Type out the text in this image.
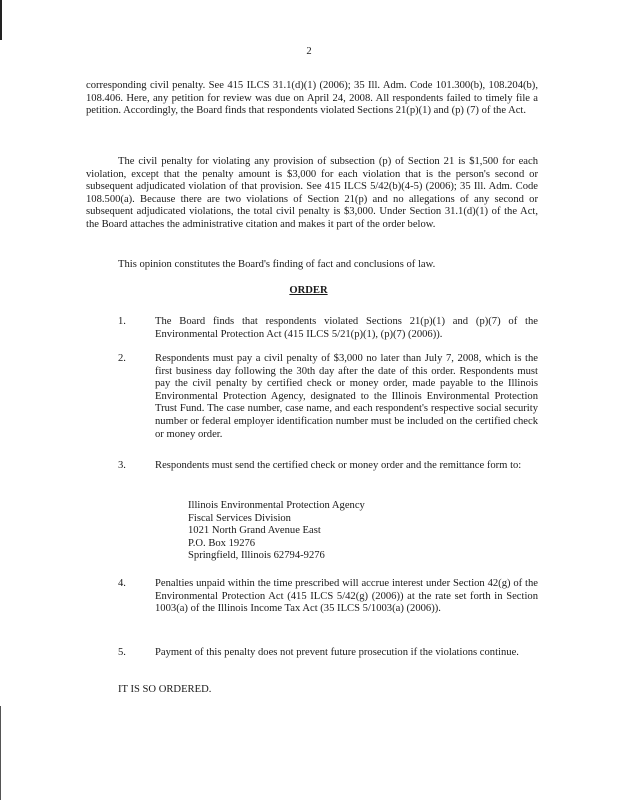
2

corresponding civil penalty. See 415 ILCS 31.1(d)(1) (2006); 35 Ill. Adm. Code 101.300(b), 108.204(b), 108.406. Here, any petition for review was due on April 24, 2008. All respondents failed to timely file a petition. Accordingly, the Board finds that respondents violated Sections 21(p)(1) and (p) (7) of the Act.

The civil penalty for violating any provision of subsection (p) of Section 21 is $1,500 for each violation, except that the penalty amount is $3,000 for each violation that is the person's second or subsequent adjudicated violation of that provision. See 415 ILCS 5/42(b)(4-5) (2006); 35 Ill. Adm. Code 108.500(a). Because there are two violations of Section 21(p) and no allegations of any second or subsequent adjudicated violations, the total civil penalty is $3,000. Under Section 31.1(d)(1) of the Act, the Board attaches the administrative citation and makes it part of the order below.

This opinion constitutes the Board's finding of fact and conclusions of law.

ORDER
1.	The Board finds that respondents violated Sections 21(p)(1) and (p)(7) of the Environmental Protection Act (415 ILCS 5/21(p)(1), (p)(7) (2006)).

2.	Respondents must pay a civil penalty of $3,000 no later than July 7, 2008, which is the first business day following the 30th day after the date of this order. Respondents must pay the civil penalty by certified check or money order, made payable to the Illinois Environmental Protection Agency, designated to the Illinois Environmental Protection Trust Fund. The case number, case name, and each respondent's respective social security number or federal employer identification number must be included on the certified check or money order.

3.	Respondents must send the certified check or money order and the remittance form to:

Illinois Environmental Protection Agency
Fiscal Services Division
1021 North Grand Avenue East
P.O. Box 19276
Springfield, Illinois 62794-9276
4.	Penalties unpaid within the time prescribed will accrue interest under Section 42(g) of the Environmental Protection Act (415 ILCS 5/42(g) (2006)) at the rate set forth in Section 1003(a) of the Illinois Income Tax Act (35 ILCS 5/1003(a) (2006)).

5.	Payment of this penalty does not prevent future prosecution if the violations continue.

IT IS SO ORDERED.
